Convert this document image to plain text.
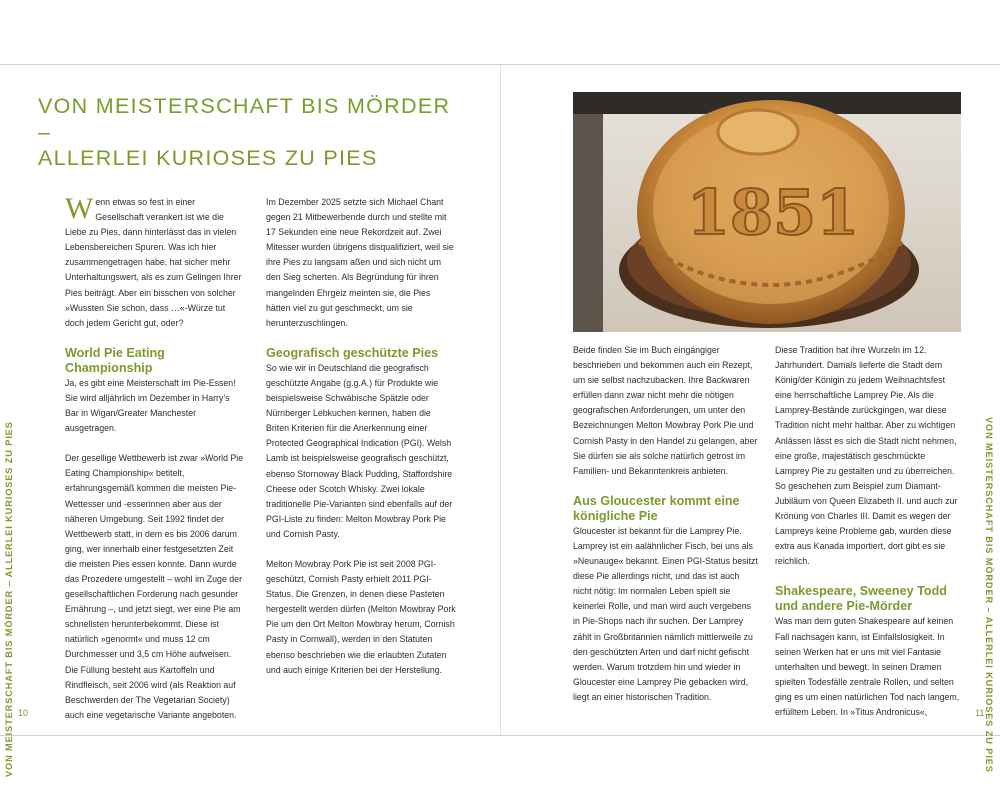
VON MEISTERSCHAFT BIS MÖRDER – ALLERLEI KURIOSES ZU PIES	VON MEISTERSCHAFT BIS MÖRDER – ALLERLEI KURIOSES ZU PIES
10	11
VON MEISTERSCHAFT BIS MÖRDER –
ALLERLEI KURIOSES ZU PIES

Wenn etwas so fest in einer Gesellschaft verankert ist wie die Liebe zu Pies, dann hinterlässt das in vielen Lebensbereichen Spuren. Was ich hier zusammengetragen habe, hat sicher mehr Unterhaltungswert, als es zum Gelingen Ihrer Pies beiträgt. Aber ein bisschen von solcher »Wussten Sie schon, dass …«-Würze tut doch jedem Gericht gut, oder?

World Pie Eating Championship

Ja, es gibt eine Meisterschaft im Pie-Essen! Sie wird alljährlich im Dezember in Harry’s Bar in Wigan/Greater Manchester ausgetragen.

Der gesellige Wettbewerb ist zwar »World Pie Eating Championship« betitelt, erfahrungsgemäß kommen die meisten Pie-Wettesser und -esserinnen aber aus der näheren Umgebung. Seit 1992 findet der Wettbewerb statt, in dem es bis 2006 darum ging, wer innerhalb einer festgesetzten Zeit die meisten Pies essen konnte. Dann wurde das Prozedere umgestellt – wohl im Zuge der gesellschaftlichen Forderung nach gesunder Ernährung –, und jetzt siegt, wer eine Pie am schnellsten herunterbekommt. Diese ist natürlich »genormt« und muss 12 cm Durchmesser und 3,5 cm Höhe aufweisen. Die Füllung besteht aus Kartoffeln und Rindfleisch, seit 2006 wird (als Reaktion auf Beschwerden der The Vegetarian Society) auch eine vegetarische Variante angeboten.

Im Dezember 2025 setzte sich Michael Chant gegen 21 Mitbewerbende durch und stellte mit 17 Sekunden eine neue Rekordzeit auf. Zwei Mitesser wurden übrigens disqualifiziert, weil sie ihre Pies zu langsam aßen und sich nicht um den Sieg scherten. Als Begründung für ihren mangelnden Ehrgeiz meinten sie, die Pies hätten viel zu gut geschmeckt, um sie herunterzuschlingen.

Geografisch geschützte Pies

So wie wir in Deutschland die geografisch geschützte Angabe (g.g.A.) für Produkte wie beispielsweise Schwäbische Spätzle oder Nürnberger Lebkuchen kennen, haben die Briten Kriterien für die Anerkennung einer Protected Geographical Indication (PGI). Welsh Lamb ist beispielsweise geografisch geschützt, ebenso Stornoway Black Pudding, Staffordshire Cheese oder Scotch Whisky. Zwei lokale traditionelle Pie-Varianten sind ebenfalls auf der PGI-Liste zu finden: Melton Mowbray Pork Pie und Cornish Pasty.

Melton Mowbray Pork Pie ist seit 2008 PGI-geschützt, Cornish Pasty erhielt 2011 PGI-Status. Die Grenzen, in denen diese Pasteten hergestellt werden dürfen (Melton Mowbray Pork Pie um den Ort Melton Mowbray herum, Cornish Pasty in Cornwall), werden in den Statuten ebenso beschrieben wie die erlaubten Zutaten und auch einige Kriterien bei der Herstellung.

1851

Beide finden Sie im Buch eingängiger beschrieben und bekommen auch ein Rezept, um sie selbst nachzubacken. Ihre Backwaren erfüllen dann zwar nicht mehr die nötigen geografischen Anforderungen, um unter den Bezeichnungen Melton Mowbray Pork Pie und Cornish Pasty in den Handel zu gelangen, aber Sie dürfen sie als solche natürlich getrost im Familien- und Bekanntenkreis anbieten.

Aus Gloucester kommt eine königliche Pie

Gloucester ist bekannt für die Lamprey Pie. Lamprey ist ein aalähnlicher Fisch, bei uns als »Neunauge« bekannt. Einen PGI-Status besitzt diese Pie allerdings nicht, und das ist auch nicht nötig: Im normalen Leben spielt sie keinerlei Rolle, und man wird auch vergebens in Pie-Shops nach ihr suchen. Der Lamprey zählt in Großbritannien nämlich mittlerweile zu den geschützten Arten und darf nicht gefischt werden. Warum trotzdem hin und wieder in Gloucester eine Lamprey Pie gebacken wird, liegt an einer historischen Tradition.

Diese Tradition hat ihre Wurzeln im 12. Jahrhundert. Damals lieferte die Stadt dem König/der Königin zu jedem Weihnachtsfest eine herrschaftliche Lamprey Pie. Als die Lamprey-Bestände zurückgingen, war diese Tradition nicht mehr haltbar. Aber zu wichtigen Anlässen lässt es sich die Stadt nicht nehmen, eine große, majestätisch geschmückte Lamprey Pie zu gestalten und zu überreichen. So geschehen zum Beispiel zum Diamant-Jubiläum von Queen Elizabeth II. und auch zur Krönung von Charles III. Damit es wegen der Lampreys keine Probleme gab, wurden diese extra aus Kanada importiert, dort gibt es sie reichlich.

Shakespeare, Sweeney Todd und andere Pie-Mörder

Was man dem guten Shakespeare auf keinen Fall nachsagen kann, ist Einfallslosigkeit. In seinen Werken hat er uns mit viel Fantasie unterhalten und bewegt. In seinen Dramen spielten Todesfälle zentrale Rollen, und selten ging es um einen natürlichen Tod nach langem, erfülltem Leben. In »Titus Andronicus«,
